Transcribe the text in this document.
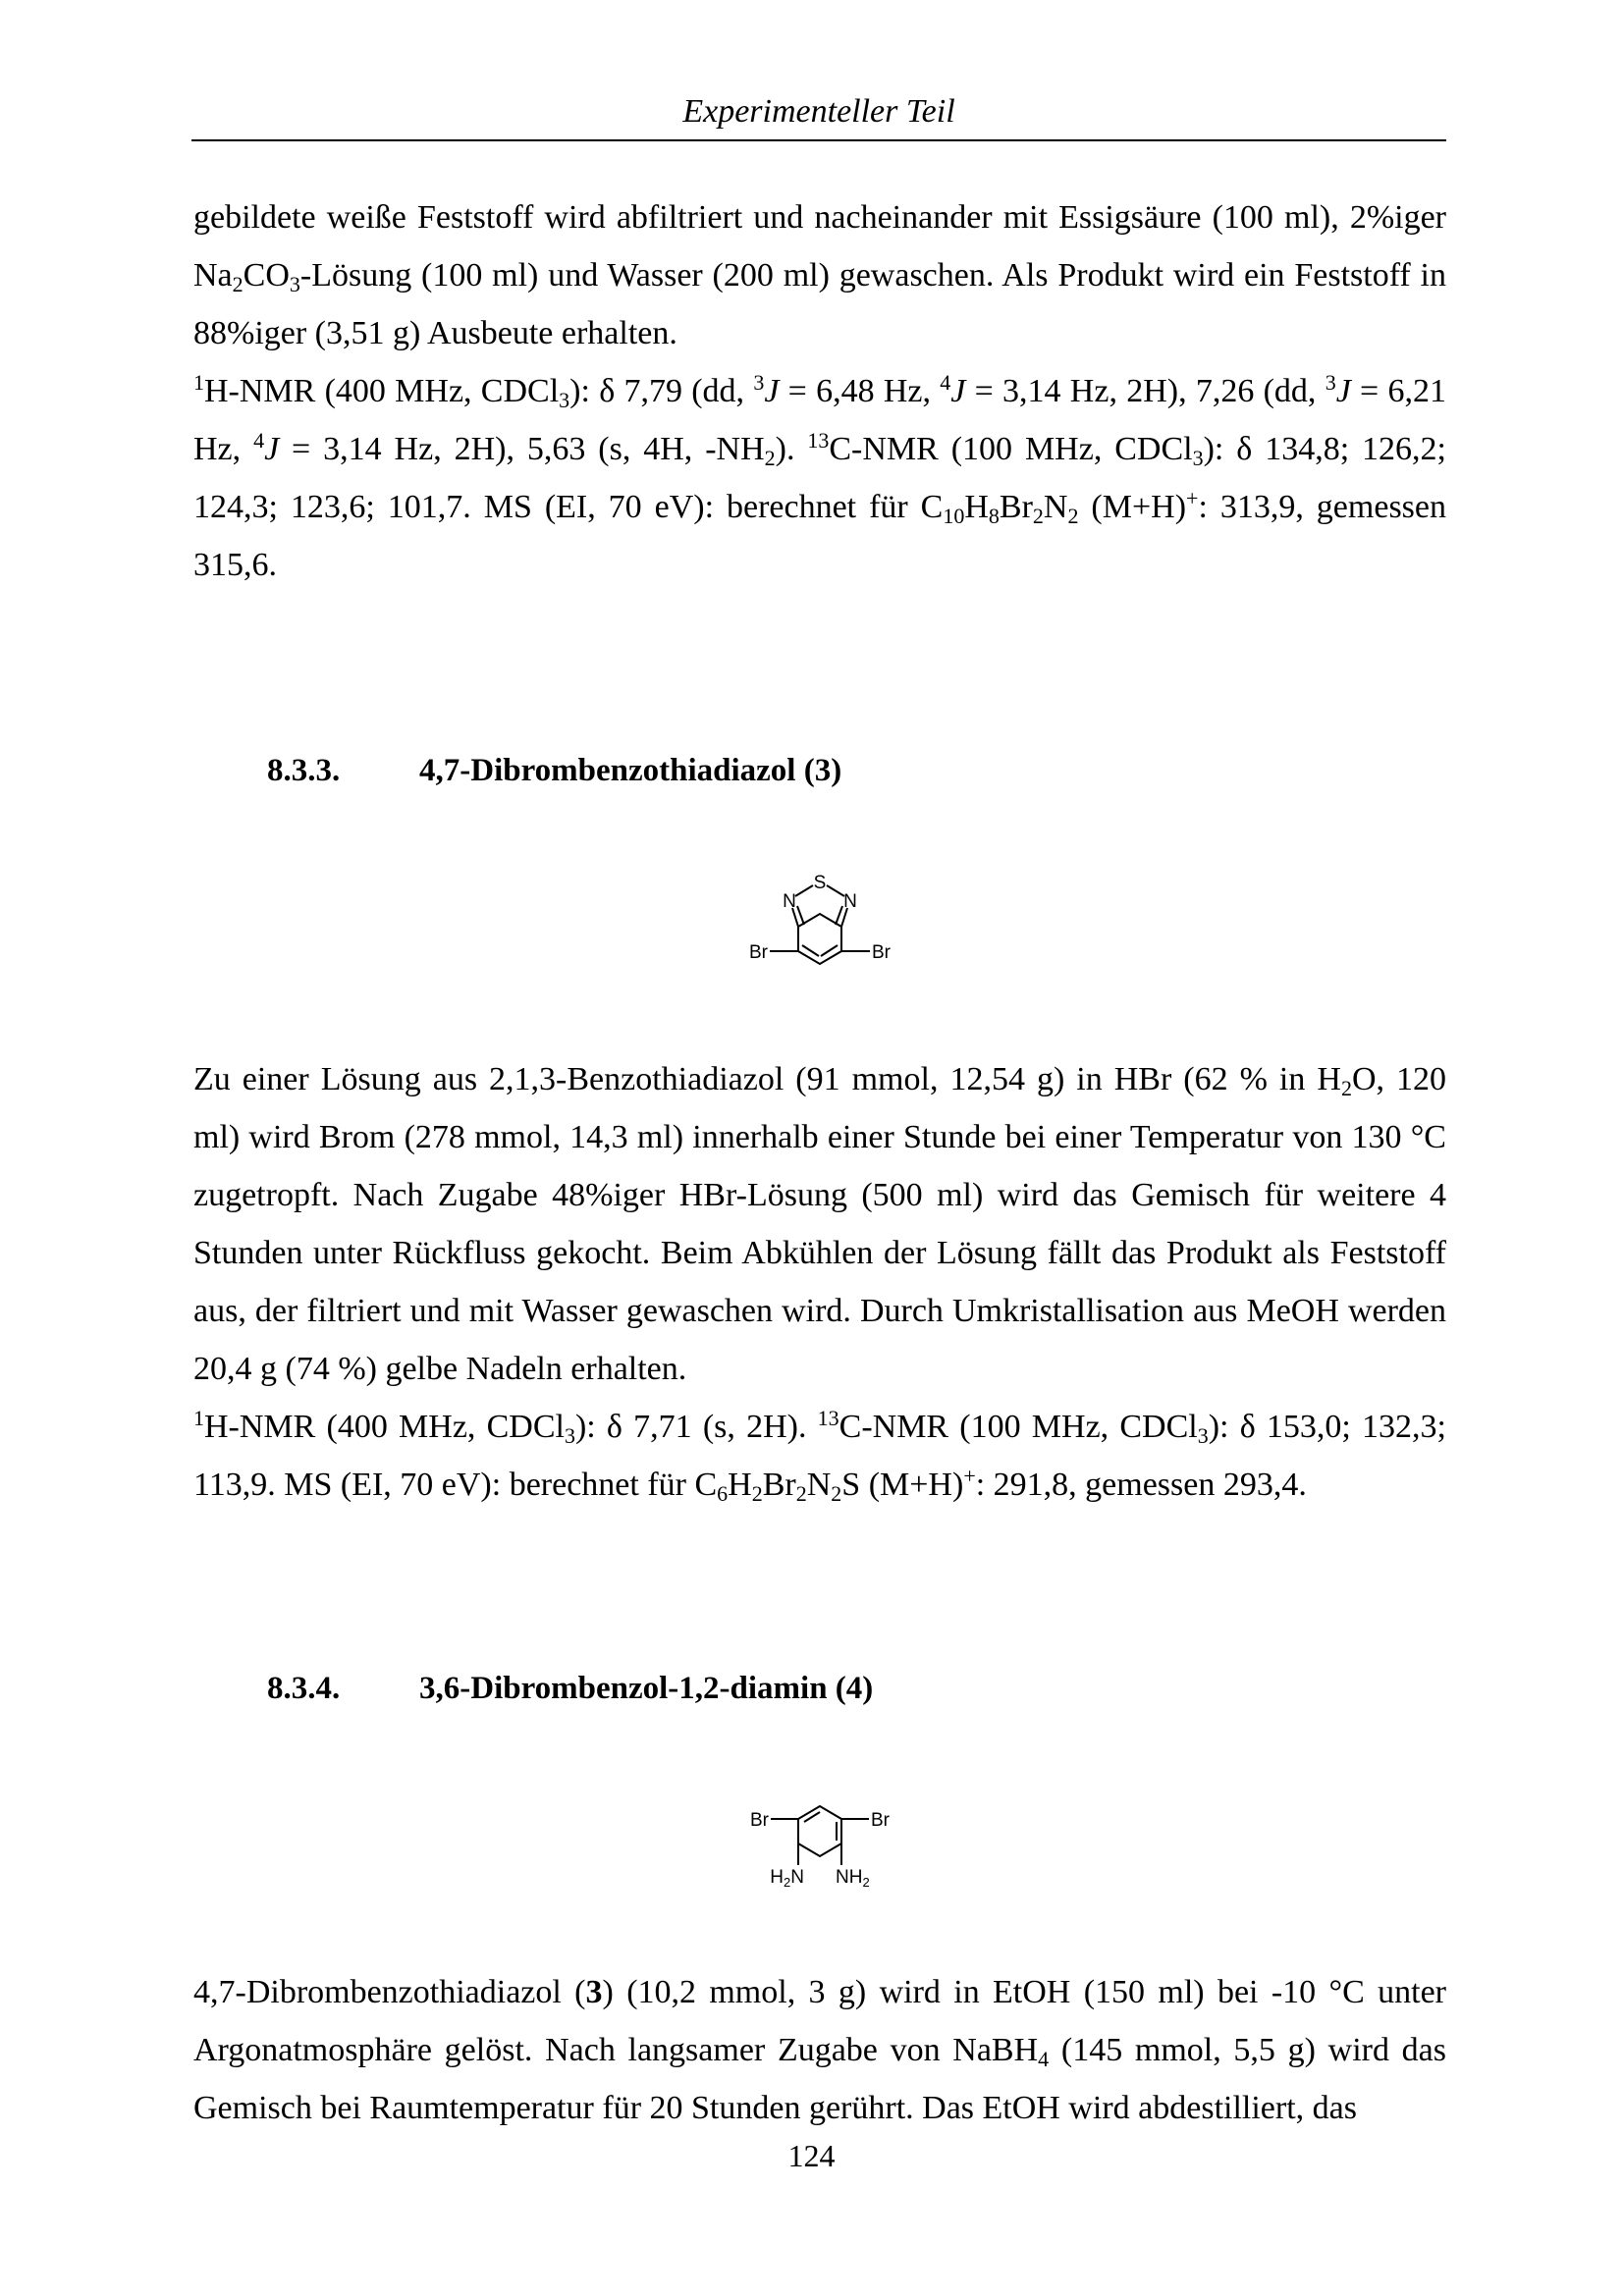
Experimenteller Teil
gebildete weiße Feststoff wird abfiltriert und nacheinander mit Essigsäure (100 ml), 2%iger
$Na_2CO_3$-Lösung (100 ml) und Wasser (200 ml) gewaschen. Als Produkt wird ein Feststoff in
88%iger (3,51 g) Ausbeute erhalten.
$^1$H-NMR (400 MHz, CDCl$_3$): δ 7,79 (dd, $^3$J = 6,48 Hz, $^4$J = 3,14 Hz, 2H), 7,26 (dd, $^3$J = 6,21 Hz, $^4$J = 3,14 Hz, 2H), 5,63 (s, 4H, $-NH_2$). $^{13}$C-NMR (100 MHz, CDCl$_3$): δ 134,8; 126,2; 124,3; 123,6; 101,7. MS (EI, 70 eV): berechnet für $C_{10}H_8Br_2N_2$ (M+H)+: 313,9, gemessen 315,6.
8.3.3. 4,7-Dibrombenzothiadiazol (3)
S
N	N
Br	Br
Zu einer Lösung aus 2,1,3-Benzothiadiazol (91 mmol, 12,54 g) in HBr (62 % in $H_2O$, 120 ml) wird Brom (278 mmol, 14,3 ml) innerhalb einer Stunde bei einer Temperatur von 130 °C zugetropft. Nach Zugabe 48%iger HBr-Lösung (500 ml) wird das Gemisch für weitere 4 Stunden unter Rückfluss gekocht. Beim Abkühlen der Lösung fällt das Produkt als Feststoff aus, der filtriert und mit Wasser gewaschen wird. Durch Umkristallisation aus MeOH werden 20,4 g (74 %) gelbe Nadeln erhalten.
$^1$H-NMR (400 MHz, CDCl$_3$): δ 7,71 (s, 2H). $^{13}$C-NMR (100 MHz, CDCl$_3$): δ 153,0; 132,3; 113,9. MS (EI, 70 eV): berechnet für $C_6H_2Br_2N_2S$ (M+H)+: 291,8, gemessen 293,4.
8.3.4. 3,6-Dibrombenzol-1,2-diamin (4)
Br	Br
$H_2N$ $NH_2$
4,7-Dibrombenzothiadiazol (3) (10,2 mmol, 3 g) wird in EtOH (150 ml) bei -10 °C unter Argonatmosphäre gelöst. Nach langsamer Zugabe von NaBH$_4$ (145 mmol, 5,5 g) wird das Gemisch bei Raumtemperatur für 20 Stunden gerührt. Das EtOH wird abdestilliert, das
124
